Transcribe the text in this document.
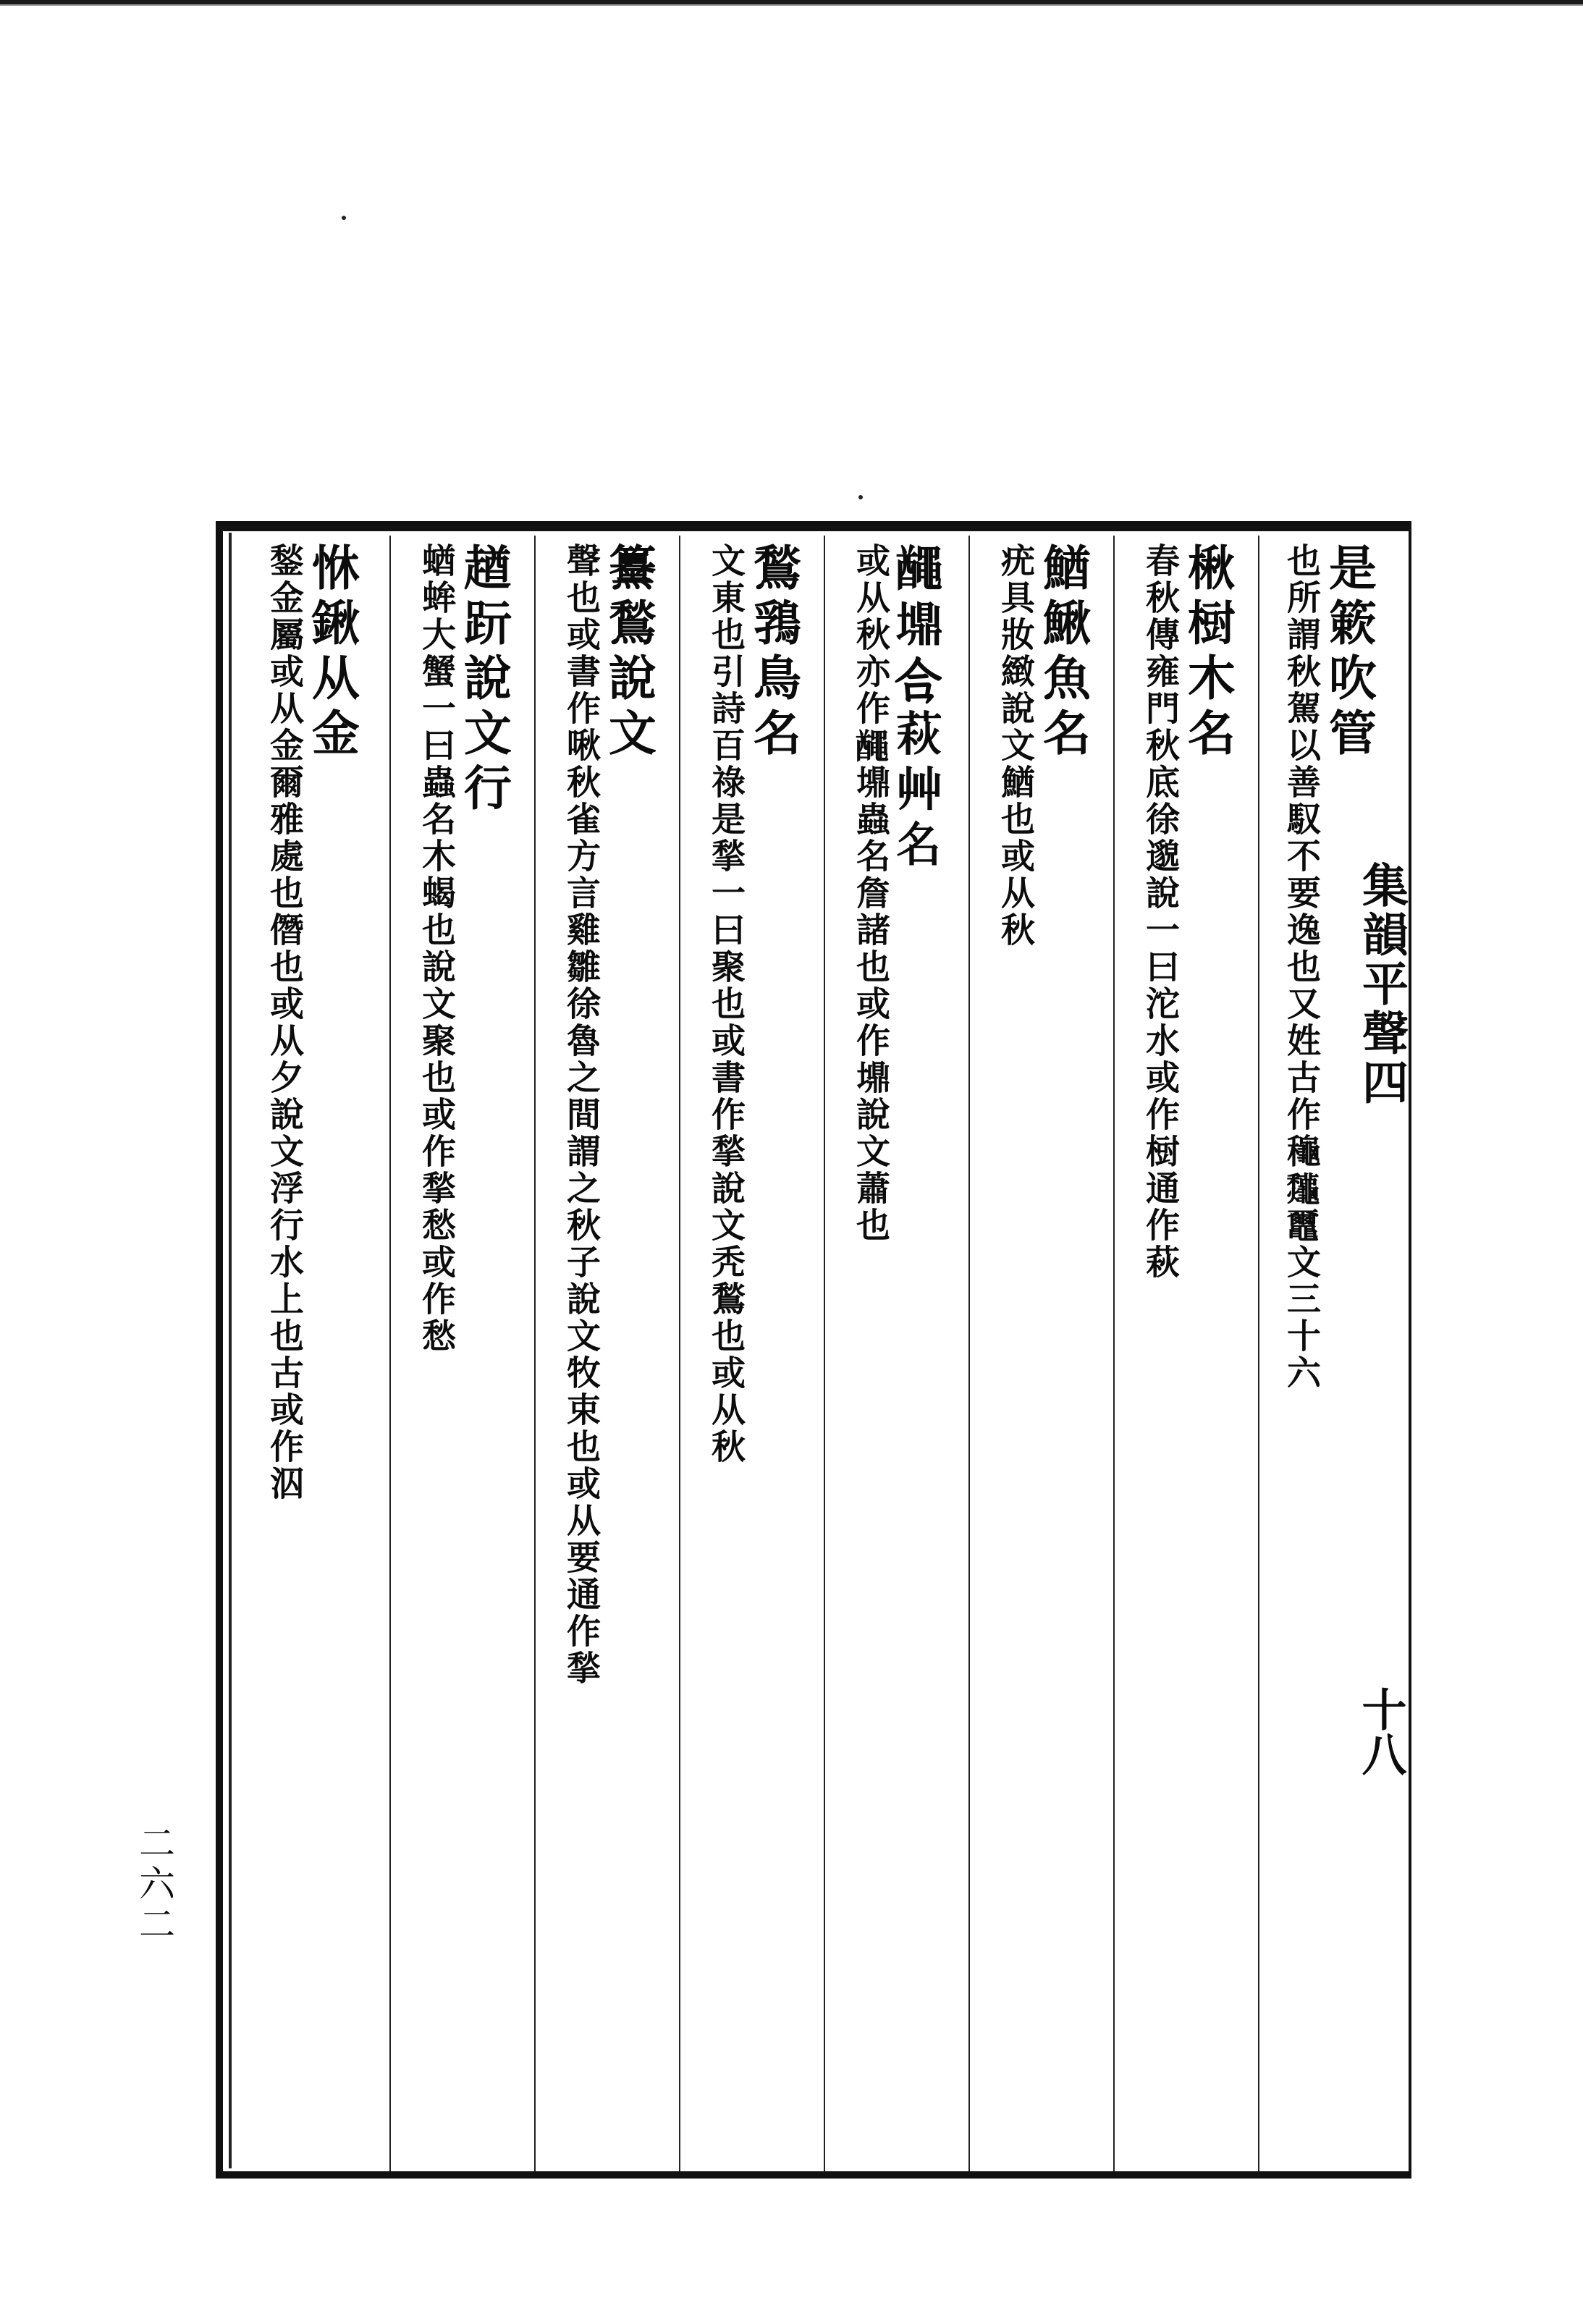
集韻平聲四
十八
二六二
是簌吹管
也所謂秋駕以善馭不要逸也又姓古作龝𪛁𪓿文三十六
楸𣗳木名
春秋傳雍門秋底徐邈說一曰沱水或作𣗳通作萩
鰌鰍魚名
疣具妝緻說文鰌也或从秋
𪓰䵺𪛗萩艸名
或从秋亦作𪓰䵺蟲名詹諸也或作䵺說文蕭也
鶖䳕鳥名
文東也引詩百祿是揫一曰聚也或書作揫說文秃鶖也或从秋
䵵鶖說文
聲也或書作啾秋雀方言雞雛徐魯之間謂之秋子說文牧束也或从要通作揫
趥䟚說文行
蝤蛑大蟹一曰蟲名木蝎也說文聚也或作揫愁或作愁
恘鍬从金
鍫金屬或从金爾雅處也僭也或从夕說文浮行水上也古或作泅
